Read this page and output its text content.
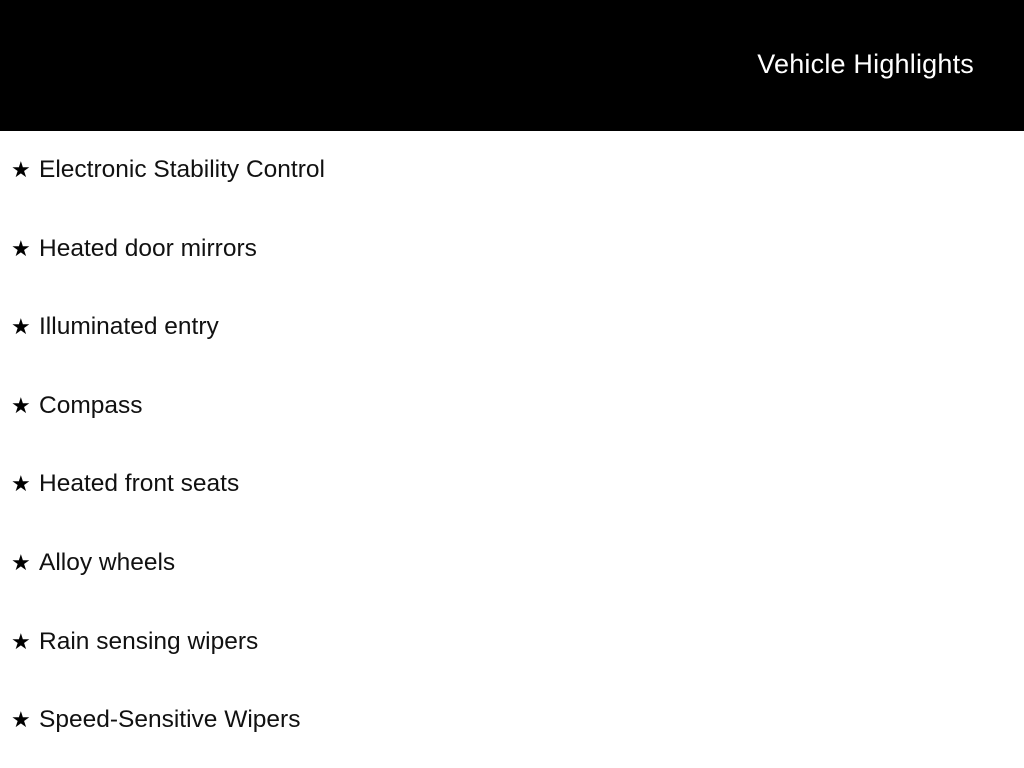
Vehicle Highlights
★ Electronic Stability Control
★ Heated door mirrors
★ Illuminated entry
★ Compass
★ Heated front seats
★ Alloy wheels
★ Rain sensing wipers
★ Speed-Sensitive Wipers
